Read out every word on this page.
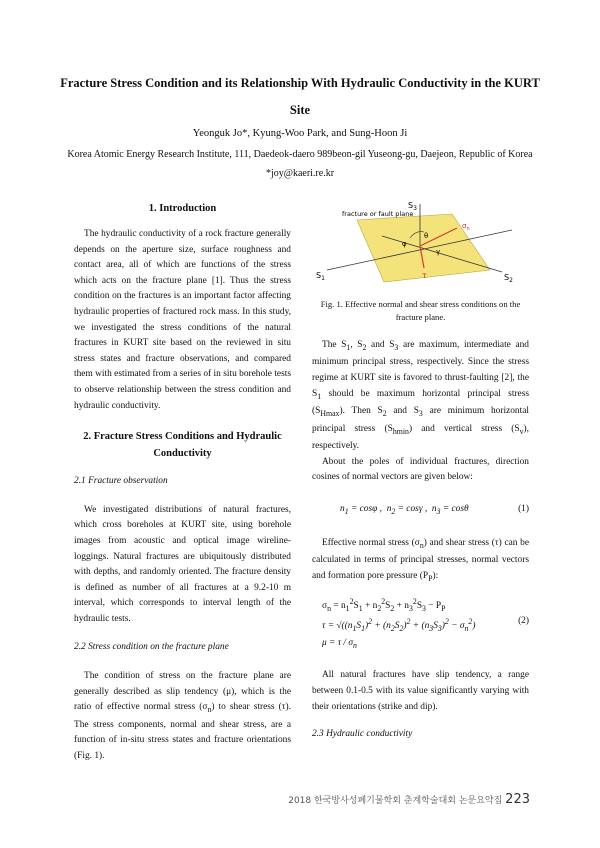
Fracture Stress Condition and its Relationship With Hydraulic Conductivity in the KURT Site
Yeonguk Jo*, Kyung-Woo Park, and Sung-Hoon Ji
Korea Atomic Energy Research Institute, 111, Daedeok-daero 989beon-gil Yuseong-gu, Daejeon, Republic of Korea
*joy@kaeri.re.kr
1. Introduction

The hydraulic conductivity of a rock fracture generally depends on the aperture size, surface roughness and contact area, all of which are functions of the stress which acts on the fracture plane [1]. Thus the stress condition on the fractures is an important factor affecting hydraulic properties of fractured rock mass. In this study, we investigated the stress conditions of the natural fractures in KURT site based on the reviewed in situ stress states and fracture observations, and compared them with estimated from a series of in situ borehole tests to observe relationship between the stress condition and hydraulic conductivity.

2. Fracture Stress Conditions and Hydraulic Conductivity
2.1 Fracture observation

We investigated distributions of natural fractures, which cross boreholes at KURT site, using borehole images from acoustic and optical image wireline-loggings. Natural fractures are ubiquitously distributed with depths, and randomly oriented. The fracture density is defined as number of all fractures at a 9.2-10 m interval, which corresponds to interval length of the hydraulic tests.

2.2 Stress condition on the fracture plane

The condition of stress on the fracture plane are generally described as slip tendency (μ), which is the ratio of effective normal stress $(\sigma_n)$ to shear stress (τ). The stress components, normal and shear stress, are a function of in-situ stress states and fracture orientations (Fig. 1).

$S_3$
$S_1$	$S_2$
fracture or fault plane
θ
φ
γ
$\sigma_n$
τ
Fig. 1. Effective normal and shear stress conditions on the fracture plane.

The $S_1$, $S_2$ and $S_3$ are maximum, intermediate and minimum principal stress, respectively. Since the stress regime at KURT site is favored to thrust-faulting [2], the $S_1$ should be maximum horizontal principal stress $(S_{Hmax})$. Then $S_2$ and $S_3$ are minimum horizontal principal stress $(S_{hmin})$ and vertical stress $(S_v)$, respectively.

About the poles of individual fractures, direction cosines of normal vectors are given below:

$n_1 = \cos\varphi$ ,  $n_2 = \cos\gamma$ ,  $n_3 = \cos\theta$	(1)

Effective normal stress $(\sigma_n)$ and shear stress (τ) can be calculated in terms of principal stresses, normal vectors and formation pore pressure $(P_P)$:

$\sigma_n = n_1^2S_1 + n_2^2S_2 + n_3^2S_3 - P_P$
$\tau = √((n_1S_1)^2 + (n_2S_2)^2 + (n_3S_3)^2 - \sigma_n^2)$
$\mu = \tau / \sigma_n$
(2)

All natural fractures have slip tendency, a range between 0.1-0.5 with its value significantly varying with their orientations (strike and dip).

2.3 Hydraulic conductivity
2018 한국방사성폐기물학회 춘계학술대회 논문요약집 223
